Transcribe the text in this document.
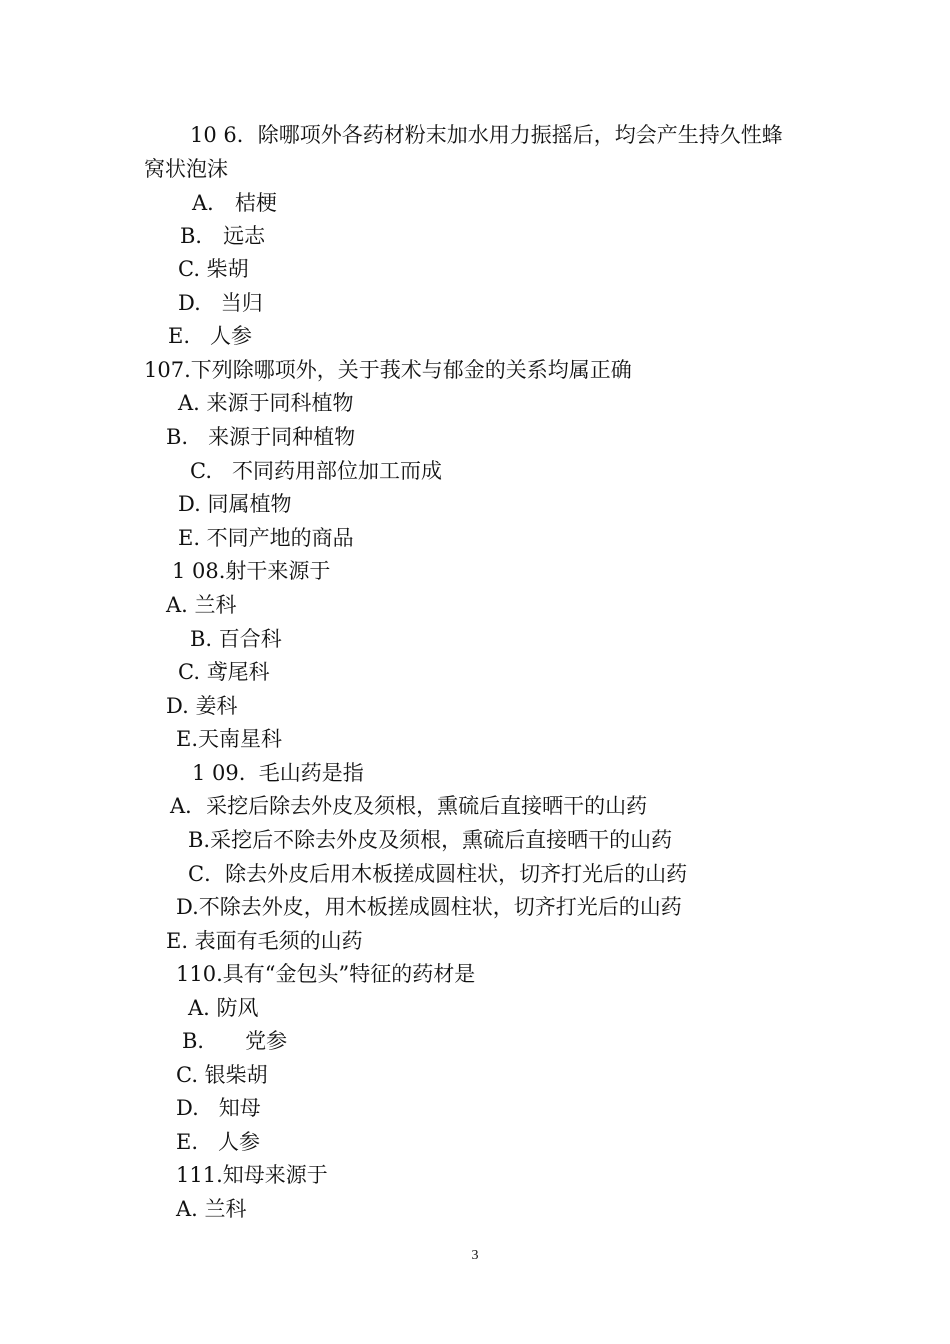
10 6．除哪项外各药材粉末加水用力振摇后，均会产生持久性蜂
窝状泡沫
A． 桔梗
B． 远志
C. 柴胡
D.   当归
E.   人参
107.下列除哪项外，关于莪术与郁金的关系均属正确
A. 来源于同科植物
B.   来源于同种植物
C.   不同药用部位加工而成
D. 同属植物
E. 不同产地的商品
1 08.射干来源于
A. 兰科
B. 百合科
C. 鸢尾科
D. 姜科
E.天南星科
1 09.  毛山药是指
A．采挖后除去外皮及须根，熏硫后直接晒干的山药
B.采挖后不除去外皮及须根，熏硫后直接晒干的山药
C．除去外皮后用木板搓成圆柱状，切齐打光后的山药
D.不除去外皮，用木板搓成圆柱状，切齐打光后的山药
E. 表面有毛须的山药
110.具有“金包头”特征的药材是
A. 防风
B．    党参
C. 银柴胡
D.   知母
E.   人参
111.知母来源于
A. 兰科
3
